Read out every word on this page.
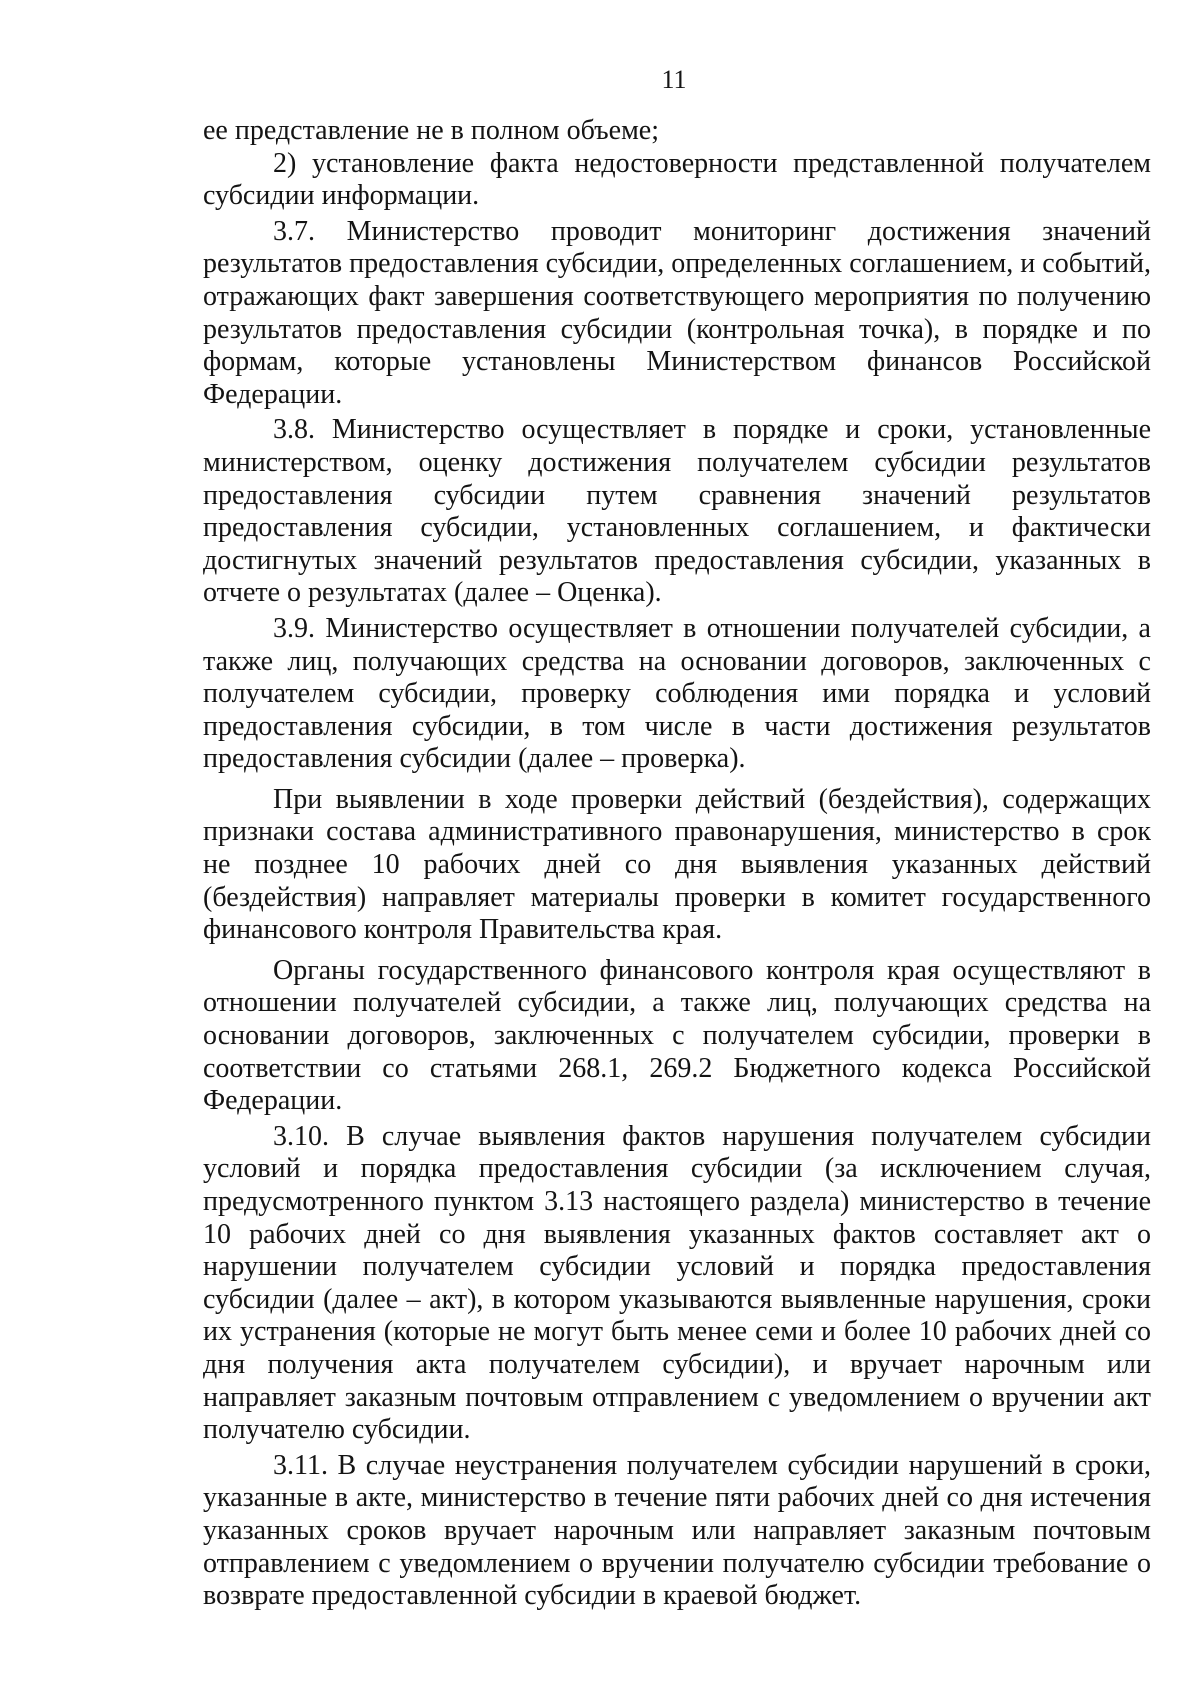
11

ее представление не в полном объеме;

2) установление факта недостоверности представленной получателем субсидии информации.

3.7. Министерство проводит мониторинг достижения значений результатов предоставления субсидии, определенных соглашением, и событий, отражающих факт завершения соответствующего мероприятия по получению результатов предоставления субсидии (контрольная точка), в порядке и по формам, которые установлены Министерством финансов Российской Федерации.

3.8. Министерство осуществляет в порядке и сроки, установленные министерством, оценку достижения получателем субсидии результатов предоставления субсидии путем сравнения значений результатов предоставления субсидии, установленных соглашением, и фактически достигнутых значений результатов предоставления субсидии, указанных в отчете о результатах (далее – Оценка).

3.9. Министерство осуществляет в отношении получателей субсидии, а также лиц, получающих средства на основании договоров, заключенных с получателем субсидии, проверку соблюдения ими порядка и условий предоставления субсидии, в том числе в части достижения результатов предоставления субсидии (далее – проверка).

При выявлении в ходе проверки действий (бездействия), содержащих признаки состава административного правонарушения, министерство в срок не позднее 10 рабочих дней со дня выявления указанных действий (бездействия) направляет материалы проверки в комитет государственного финансового контроля Правительства края.

Органы государственного финансового контроля края осуществляют в отношении получателей субсидии, а также лиц, получающих средства на основании договоров, заключенных с получателем субсидии, проверки в соответствии со статьями 268.1, 269.2 Бюджетного кодекса Российской Федерации.

3.10. В случае выявления фактов нарушения получателем субсидии условий и порядка предоставления субсидии (за исключением случая, предусмотренного пунктом 3.13 настоящего раздела) министерство в течение 10 рабочих дней со дня выявления указанных фактов составляет акт о нарушении получателем субсидии условий и порядка предоставления субсидии (далее – акт), в котором указываются выявленные нарушения, сроки их устранения (которые не могут быть менее семи и более 10 рабочих дней со дня получения акта получателем субсидии), и вручает нарочным или направляет заказным почтовым отправлением с уведомлением о вручении акт получателю субсидии.

3.11. В случае неустранения получателем субсидии нарушений в сроки, указанные в акте, министерство в течение пяти рабочих дней со дня истечения указанных сроков вручает нарочным или направляет заказным почтовым отправлением с уведомлением о вручении получателю субсидии требование о возврате предоставленной субсидии в краевой бюджет.
